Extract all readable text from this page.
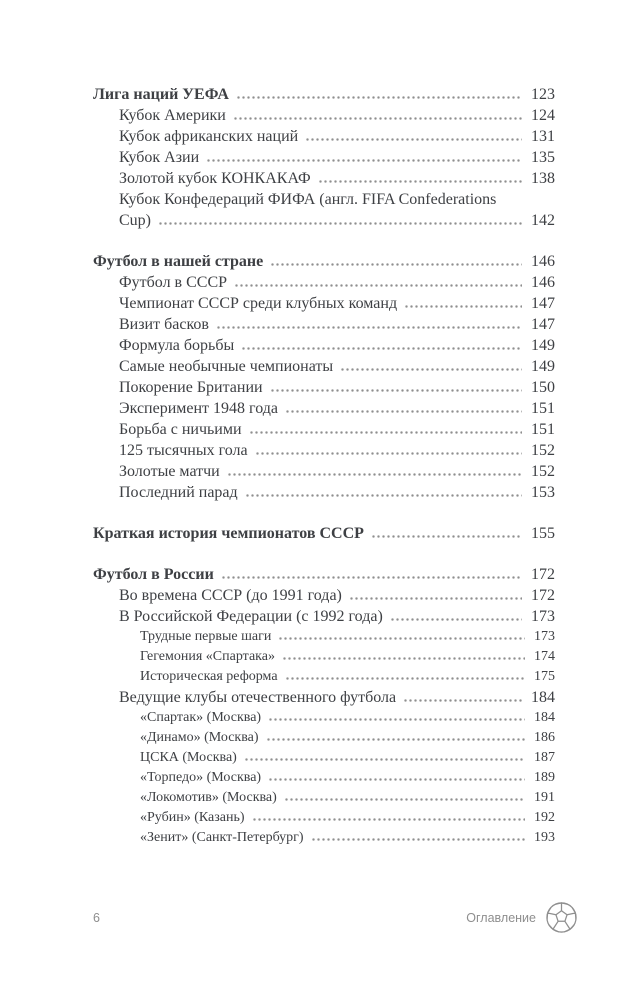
Лига наций УЕФА	123
Кубок Америки	124
Кубок африканских наций	131
Кубок Азии	135
Золотой кубок КОНКАКАФ	138
Кубок Конфедераций ФИФА (англ. FIFA Confederations
Cup)	142
Футбол в нашей стране	146
Футбол в СССР	146
Чемпионат СССР среди клубных команд	147
Визит басков	147
Формула борьбы	149
Самые необычные чемпионаты	149
Покорение Британии	150
Эксперимент 1948 года	151
Борьба с ничьими	151
125 тысячных гола	152
Золотые матчи	152
Последний парад	153
Краткая история чемпионатов СССР	155
Футбол в России	172
Во времена СССР (до 1991 года)	172
В Российской Федерации (с 1992 года)	173
Трудные первые шаги	173
Гегемония «Спартака»	174
Историческая реформа	175
Ведущие клубы отечественного футбола	184
«Спартак» (Москва)	184
«Динамо» (Москва)	186
ЦСКА (Москва)	187
«Торпедо» (Москва)	189
«Локомотив» (Москва)	191
«Рубин» (Казань)	192
«Зенит» (Санкт-Петербург)	193
6	Оглавление
